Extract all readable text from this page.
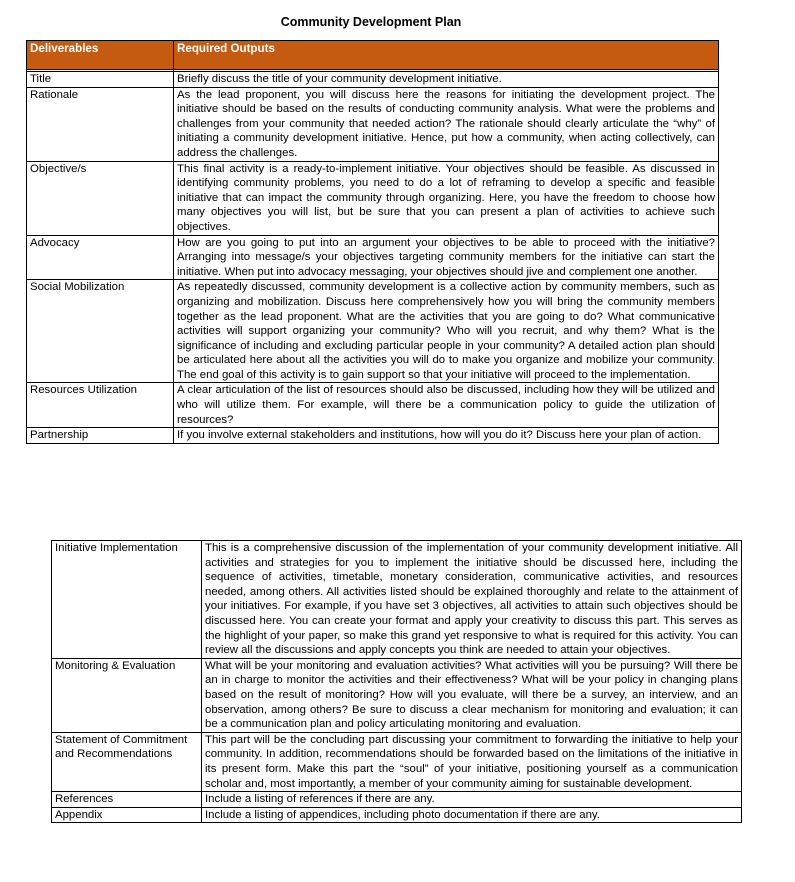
Community Development Plan
Deliverables	Required Outputs

Title	Briefly discuss the title of your community development initiative.
Rationale	As the lead proponent, you will discuss here the reasons for initiating the development project. The initiative should be based on the results of conducting community analysis. What were the problems and challenges from your community that needed action? The rationale should clearly articulate the “why” of initiating a community development initiative. Hence, put how a community, when acting collectively, can address the challenges.
Objective/s	This final activity is a ready-to-implement initiative. Your objectives should be feasible. As discussed in identifying community problems, you need to do a lot of reframing to develop a specific and feasible initiative that can impact the community through organizing. Here, you have the freedom to choose how many objectives you will list, but be sure that you can present a plan of activities to achieve such objectives.
Advocacy	How are you going to put into an argument your objectives to be able to proceed with the initiative? Arranging into message/s your objectives targeting community members for the initiative can start the initiative. When put into advocacy messaging, your objectives should jive and complement one another.
Social Mobilization	As repeatedly discussed, community development is a collective action by community members, such as organizing and mobilization. Discuss here comprehensively how you will bring the community members together as the lead proponent. What are the activities that you are going to do? What communicative activities will support organizing your community? Who will you recruit, and why them? What is the significance of including and excluding particular people in your community? A detailed action plan should be articulated here about all the activities you will do to make you organize and mobilize your community. The end goal of this activity is to gain support so that your initiative will proceed to the implementation.
Resources Utilization	A clear articulation of the list of resources should also be discussed, including how they will be utilized and who will utilize them. For example, will there be a communication policy to guide the utilization of resources?
Partnership	If you involve external stakeholders and institutions, how will you do it? Discuss here your plan of action.
Initiative Implementation	This is a comprehensive discussion of the implementation of your community development initiative. All activities and strategies for you to implement the initiative should be discussed here, including the sequence of activities, timetable, monetary consideration, communicative activities, and resources needed, among others. All activities listed should be explained thoroughly and relate to the attainment of your initiatives. For example, if you have set 3 objectives, all activities to attain such objectives should be discussed here. You can create your format and apply your creativity to discuss this part. This serves as the highlight of your paper, so make this grand yet responsive to what is required for this activity. You can review all the discussions and apply concepts you think are needed to attain your objectives.
Monitoring & Evaluation	What will be your monitoring and evaluation activities? What activities will you be pursuing? Will there be an in charge to monitor the activities and their effectiveness? What will be your policy in changing plans based on the result of monitoring? How will you evaluate, will there be a survey, an interview, and an observation, among others? Be sure to discuss a clear mechanism for monitoring and evaluation; it can be a communication plan and policy articulating monitoring and evaluation.
Statement of Commitment and Recommendations	This part will be the concluding part discussing your commitment to forwarding the initiative to help your community. In addition, recommendations should be forwarded based on the limitations of the initiative in its present form. Make this part the “soul” of your initiative, positioning yourself as a communication scholar and, most importantly, a member of your community aiming for sustainable development.
References	Include a listing of references if there are any.
Appendix	Include a listing of appendices, including photo documentation if there are any.
